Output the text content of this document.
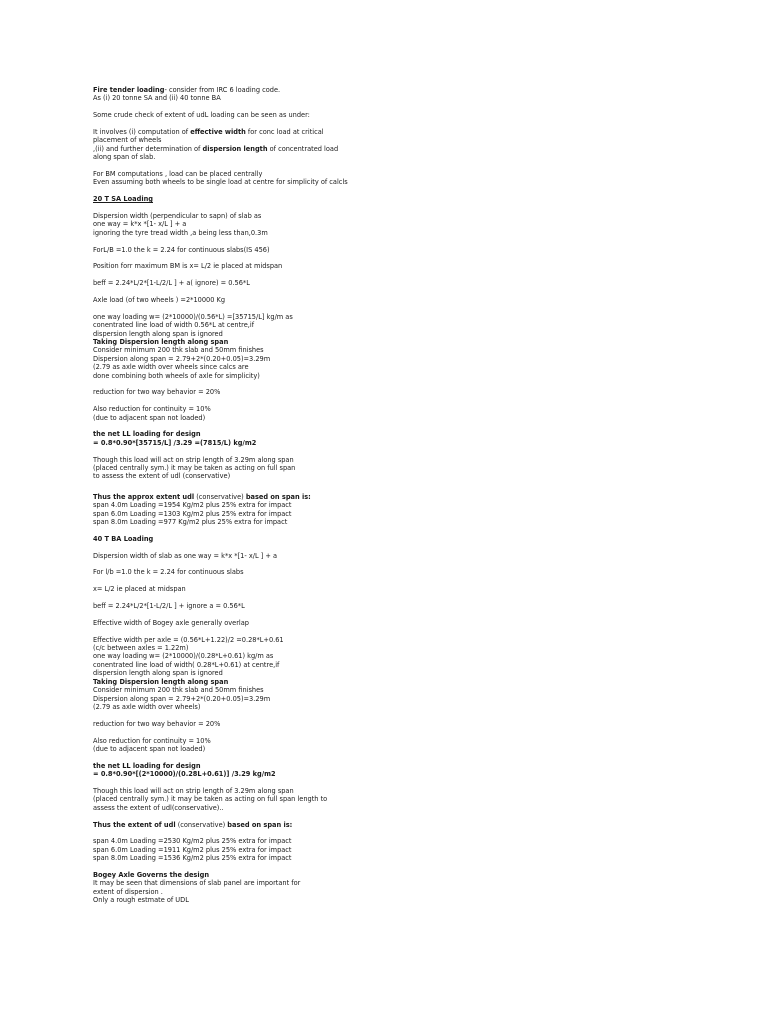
Fire tender loading- consider from IRC 6 loading code.
As (i) 20 tonne SA and (ii) 40 tonne BA
Some crude check of extent of udL loading can be seen as under:
It involves (i) computation of effective width for conc load at critical
placement of wheels
,(ii) and further determination of dispersion length of concentrated load
along span of slab.
For BM computations , load can be placed centrally
Even assuming both wheels to be single load at centre for simplicity of calcls
20 T SA Loading
Dispersion width (perpendicular to sapn) of slab as
one way = k*x *[1- x/L ] + a
ignoring the tyre tread width ,a being less than,0.3m
ForL/B =1.0 the k = 2.24 for continuous slabs(IS 456)
Position forr maximum BM is x= L/2 ie placed at midspan
beff = 2.24*L/2*[1-L/2/L ] + a( ignore) = 0.56*L
Axle load (of two wheels ) =2*10000 Kg
one way loading w= (2*10000)/(0.56*L) =[35715/L] kg/m as
conentrated line load of width 0.56*L at centre,if
dispersion length along span is ignored
Taking Dispersion length along span
Consider minimum 200 thk slab and 50mm finishes
Dispersion along span = 2.79+2*(0.20+0.05)=3.29m
(2.79 as axle width over wheels since calcs are
done combining both wheels of axle for simplicity)
reduction for two way behavior = 20%
Also reduction for continuity = 10%
(due to adjacent span not loaded)
the net LL loading for design
= 0.8*0.90*[35715/L] /3.29 =(7815/L) kg/m2
Though this load will act on strip length of 3.29m along span
(placed centrally sym.) it may be taken as acting on full span
to assess the extent of udl (conservative)
Thus the approx extent udl (conservative) based on span is:
span 4.0m Loading =1954 Kg/m2 plus 25% extra for impact
span 6.0m Loading =1303 Kg/m2 plus 25% extra for impact
span 8.0m Loading =977 Kg/m2 plus 25% extra for impact
40 T BA Loading
Dispersion width of slab as one way = k*x *[1- x/L ] + a
For l/b =1.0 the k = 2.24 for continuous slabs
x= L/2 ie placed at midspan
beff = 2.24*L/2*[1-L/2/L ] + ignore a = 0.56*L
Effective width of Bogey axle generally overlap
Effective width per axle = (0.56*L+1.22)/2 =0.28*L+0.61
(c/c between axles = 1.22m)
one way loading w= (2*10000)/(0.28*L+0.61) kg/m as
conentrated line load of width( 0.28*L+0.61) at centre,if
dispersion length along span is ignored
Taking Dispersion length along span
Consider minimum 200 thk slab and 50mm finishes
Dispersion along span = 2.79+2*(0.20+0.05)=3.29m
(2.79 as axle width over wheels)
reduction for two way behavior = 20%
Also reduction for continuity = 10%
(due to adjacent span not loaded)
the net LL loading for design
= 0.8*0.90*[(2*10000)/(0.28L+0.61)] /3.29 kg/m2
Though this load will act on strip length of 3.29m along span
(placed centrally sym.) it may be taken as acting on full span length to
assess the extent of udl(conservative)..
Thus the extent of udl (conservative) based on span is:
span 4.0m Loading =2530 Kg/m2 plus 25% extra for impact
span 6.0m Loading =1911 Kg/m2 plus 25% extra for impact
span 8.0m Loading =1536 Kg/m2 plus 25% extra for impact
Bogey Axle Governs the design
It may be seen that dimensions of slab panel are important for
extent of dispersion .
Only a rough estmate of UDL
